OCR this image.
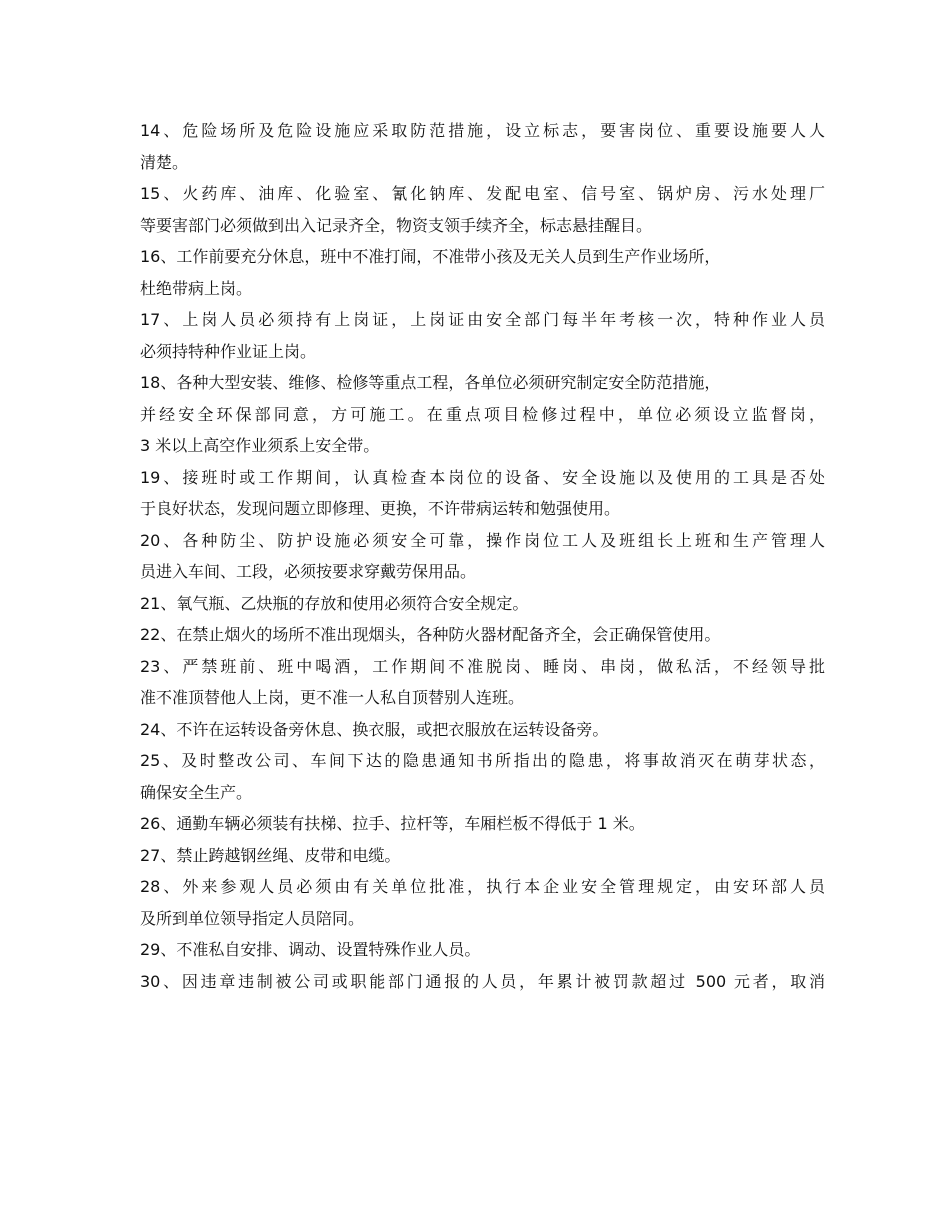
14、危险场所及危险设施应采取防范措施，设立标志，要害岗位、重要设施要人人
清楚。
15、火药库、油库、化验室、氰化钠库、发配电室、信号室、锅炉房、污水处理厂
等要害部门必须做到出入记录齐全，物资支领手续齐全，标志悬挂醒目。
16、工作前要充分休息，班中不准打闹，不准带小孩及无关人员到生产作业场所，
杜绝带病上岗。
17、上岗人员必须持有上岗证，上岗证由安全部门每半年考核一次，特种作业人员
必须持特种作业证上岗。
18、各种大型安装、维修、检修等重点工程，各单位必须研究制定安全防范措施，
并经安全环保部同意，方可施工。在重点项目检修过程中，单位必须设立监督岗，
3 米以上高空作业须系上安全带。
19、接班时或工作期间，认真检查本岗位的设备、安全设施以及使用的工具是否处
于良好状态，发现问题立即修理、更换，不许带病运转和勉强使用。
20、各种防尘、防护设施必须安全可靠，操作岗位工人及班组长上班和生产管理人
员进入车间、工段，必须按要求穿戴劳保用品。
21、氧气瓶、乙炔瓶的存放和使用必须符合安全规定。
22、在禁止烟火的场所不准出现烟头，各种防火器材配备齐全，会正确保管使用。
23、严禁班前、班中喝酒，工作期间不准脱岗、睡岗、串岗，做私活，不经领导批
准不准顶替他人上岗，更不准一人私自顶替别人连班。
24、不许在运转设备旁休息、换衣服，或把衣服放在运转设备旁。
25、及时整改公司、车间下达的隐患通知书所指出的隐患，将事故消灭在萌芽状态，
确保安全生产。
26、通勤车辆必须装有扶梯、拉手、拉杆等，车厢栏板不得低于 1 米。
27、禁止跨越钢丝绳、皮带和电缆。
28、外来参观人员必须由有关单位批准，执行本企业安全管理规定，由安环部人员
及所到单位领导指定人员陪同。
29、不准私自安排、调动、设置特殊作业人员。
30、因违章违制被公司或职能部门通报的人员，年累计被罚款超过 500 元者，取消
